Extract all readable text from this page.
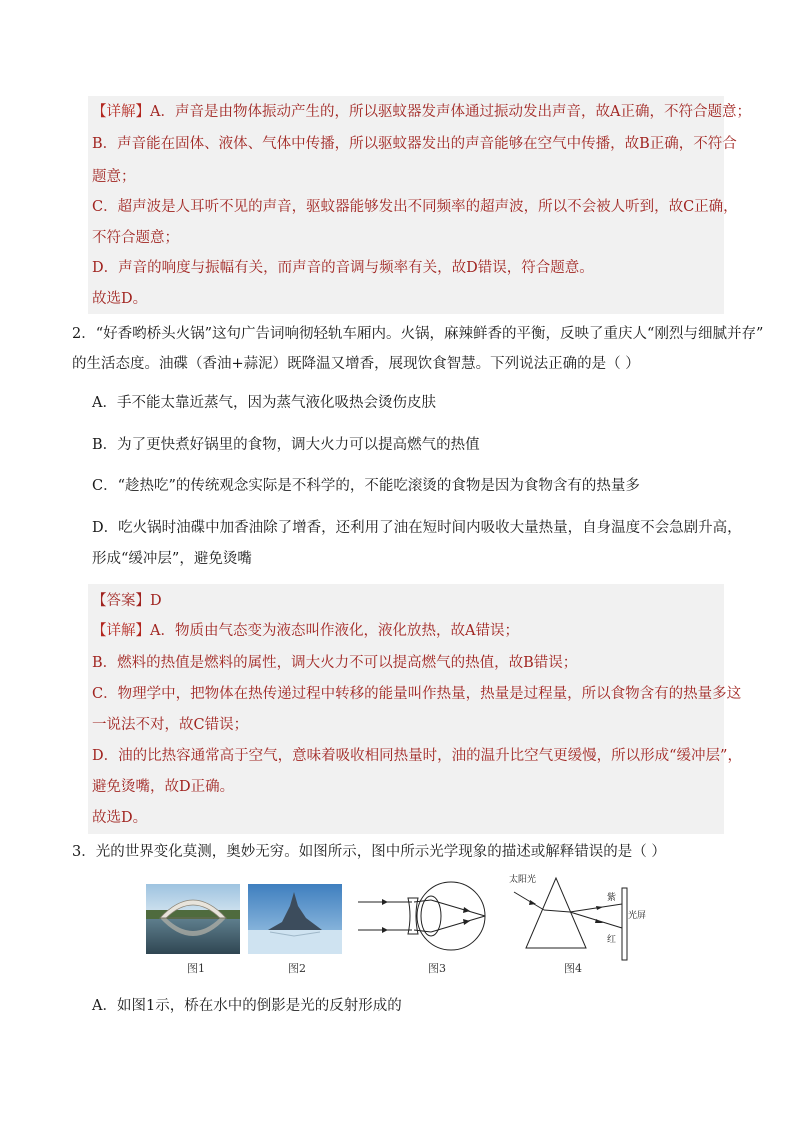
【详解】A．声音是由物体振动产生的，所以驱蚊器发声体通过振动发出声音，故A正确，不符合题意；
B．声音能在固体、液体、气体中传播，所以驱蚊器发出的声音能够在空气中传播，故B正确，不符合
题意；
C．超声波是人耳听不见的声音，驱蚊器能够发出不同频率的超声波，所以不会被人听到，故C正确，
不符合题意；
D．声音的响度与振幅有关，而声音的音调与频率有关，故D错误，符合题意。
2．“好香哟桥头火锅”这句广告词响彻轻轨车厢内。火锅，麻辣鲜香的平衡，反映了重庆人“刚烈与细腻并存”
的生活态度。油碟（香油+蒜泥）既降温又增香，展现饮食智慧。下列说法正确的是（ ）
A．手不能太靠近蒸气，因为蒸气液化吸热会烫伤皮肤
B．为了更快煮好锅里的食物，调大火力可以提高燃气的热值
C．“趁热吃”的传统观念实际是不科学的，不能吃滚烫的食物是因为食物含有的热量多
D．吃火锅时油碟中加香油除了增香，还利用了油在短时间内吸收大量热量，自身温度不会急剧升高，
形成“缓冲层”，避免烫嘴
【答案】D
【详解】A．物质由气态变为液态叫作液化，液化放热，故A错误；
B．燃料的热值是燃料的属性，调大火力不可以提高燃气的热值，故B错误；
C．物理学中，把物体在热传递过程中转移的能量叫作热量，热量是过程量，所以食物含有的热量多这
一说法不对，故C错误；
D．油的比热容通常高于空气，意味着吸收相同热量时，油的温升比空气更缓慢，所以形成“缓冲层”，
避免烫嘴，故D正确。
故选D。
3．光的世界变化莫测，奥妙无穷。如图所示，图中所示光学现象的描述或解释错误的是（ ）
图1	图2	图3
太阳光
紫
红
光屏
图4
A．如图1示，桥在水中的倒影是光的反射形成的
故选D。
